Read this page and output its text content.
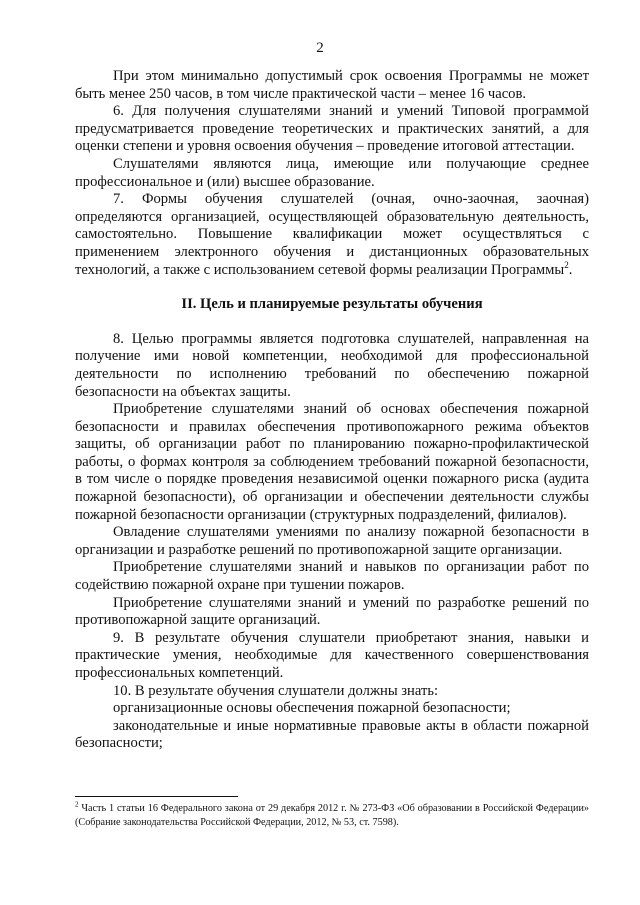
2

При этом минимально допустимый срок освоения Программы не может быть менее 250 часов, в том числе практической части – менее 16 часов.

6. Для получения слушателями знаний и умений Типовой программой предусматривается проведение теоретических и практических занятий, а для оценки степени и уровня освоения обучения – проведение итоговой аттестации.

Слушателями являются лица, имеющие или получающие среднее профессиональное и (или) высшее образование.

7. Формы обучения слушателей (очная, очно-заочная, заочная) определяются организацией, осуществляющей образовательную деятельность, самостоятельно. Повышение квалификации может осуществляться с применением электронного обучения и дистанционных образовательных технологий, а также с использованием сетевой формы реализации Программы$^2$.

II. Цель и планируемые результаты обучения

8. Целью программы является подготовка слушателей, направленная на получение ими новой компетенции, необходимой для профессиональной деятельности по исполнению требований по обеспечению пожарной безопасности на объектах защиты.

Приобретение слушателями знаний об основах обеспечения пожарной безопасности и правилах обеспечения противопожарного режима объектов защиты, об организации работ по планированию пожарно-профилактической работы, о формах контроля за соблюдением требований пожарной безопасности, в том числе о порядке проведения независимой оценки пожарного риска (аудита пожарной безопасности), об организации и обеспечении деятельности службы пожарной безопасности организации (структурных подразделений, филиалов).

Овладение слушателями умениями по анализу пожарной безопасности в организации и разработке решений по противопожарной защите организации.

Приобретение слушателями знаний и навыков по организации работ по содействию пожарной охране при тушении пожаров.

Приобретение слушателями знаний и умений по разработке решений по противопожарной защите организаций.

9. В результате обучения слушатели приобретают знания, навыки и практические умения, необходимые для качественного совершенствования профессиональных компетенций.

10. В результате обучения слушатели должны знать:

организационные основы обеспечения пожарной безопасности;

законодательные и иные нормативные правовые акты в области пожарной безопасности;

$^2$ Часть 1 статьи 16 Федерального закона от 29 декабря 2012 г. № 273-ФЗ «Об образовании в Российской Федерации» (Собрание законодательства Российской Федерации, 2012, № 53, ст. 7598).
